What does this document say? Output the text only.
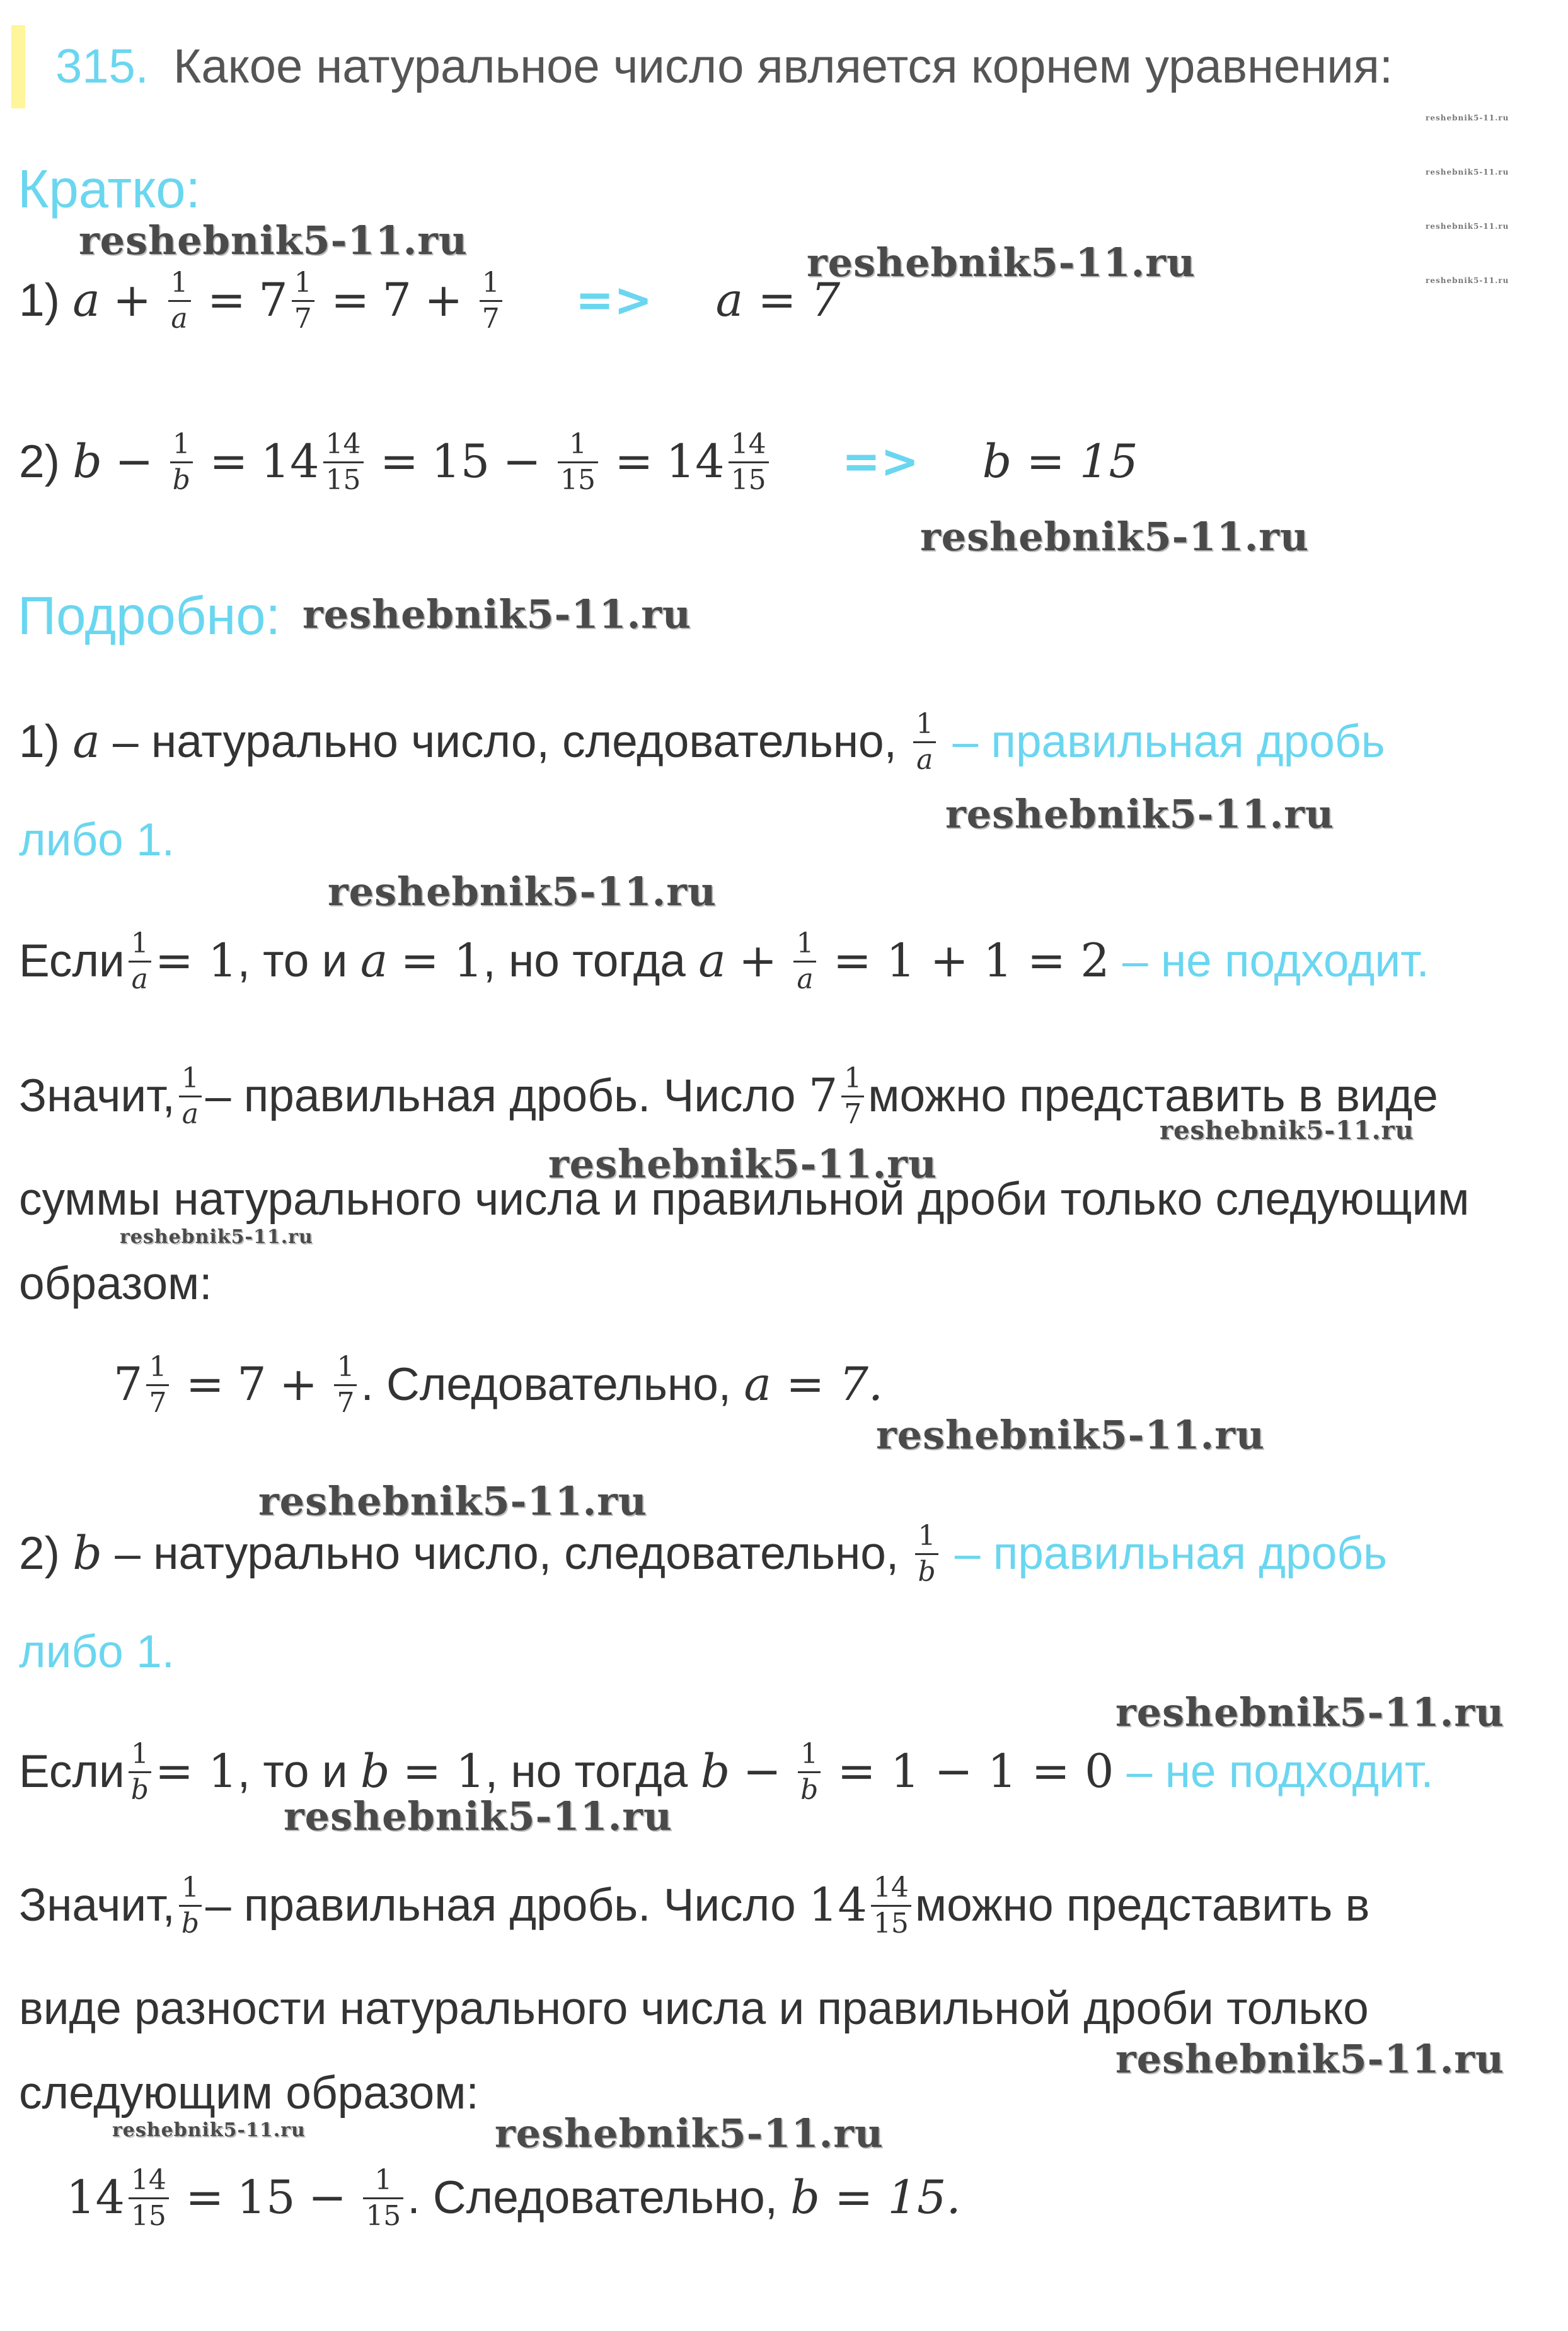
315. Какое натуральное число является корнем уравнения:
Кратко:
1) $a + \frac{1}{a} = 7 \frac{1}{7} = 7 + \frac{1}{7} => a = 7$
2) $b - \frac{1}{b} = 14 \frac{14}{15} = 15 - \frac{1}{15} = 14 \frac{14}{15} => b = 15$
Подробно:
1) a – натурально число, следовательно, $\frac{1}{a}$ – правильная дробь
либо 1.
Если $\frac{1}{a} = 1$, то и a = 1, но тогда $a + \frac{1}{a} = 1 + 1 = 2$ – не подходит.
Значит, $\frac{1}{a}$ – правильная дробь. Число $7 \frac{1}{7}$ можно представить в виде
суммы натурального числа и правильной дроби только следующим
образом:
$7 \frac{1}{7} = 7 + \frac{1}{7}$ . Следовательно, a = 7.
2) b – натурально число, следовательно, $\frac{1}{b}$ – правильная дробь
либо 1.
Если $\frac{1}{b} = 1$, то и b = 1, но тогда $b - \frac{1}{b} = 1 - 1 = 0$ – не подходит.
Значит, $\frac{1}{b}$ – правильная дробь. Число $14 \frac{14}{15}$ можно представить в
виде разности натурального числа и правильной дроби только
следующим образом:
$14 \frac{14}{15} = 15 - \frac{1}{15}$ . Следовательно, b = 15.
reshebnik5-11.ru	reshebnik5-11.ru
reshebnik5-11.ru
reshebnik5-11.ru
reshebnik5-11.ru
reshebnik5-11.ru
reshebnik5-11.ru
reshebnik5-11.ru
reshebnik5-11.ru
reshebnik5-11.ru
reshebnik5-11.ru
reshebnik5-11.ru
reshebnik5-11.ru
reshebnik5-11.ru
reshebnik5-11.ru	reshebnik5-11.ru
reshebnik5-11.ru
reshebnik5-11.ru
reshebnik5-11.ru
reshebnik5-11.ru
